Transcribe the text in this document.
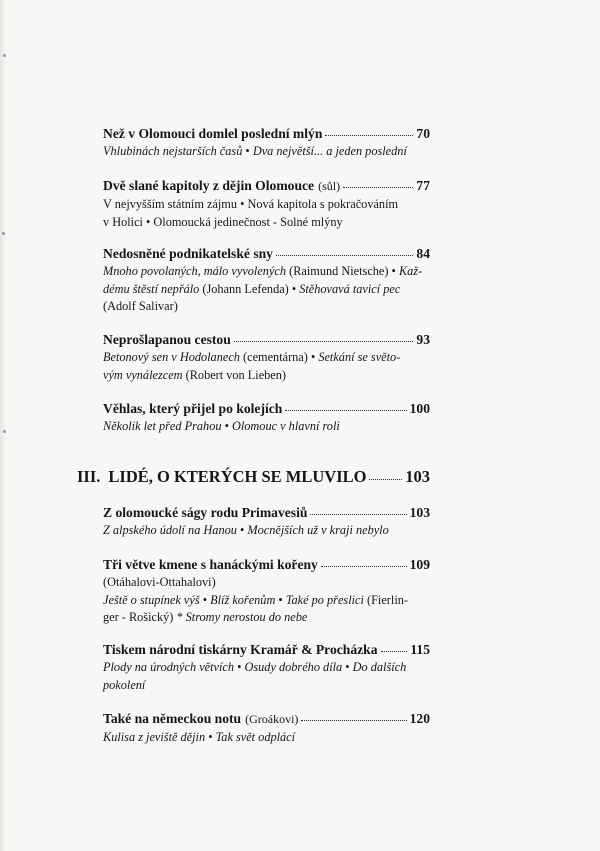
Než v Olomouci domlel poslední mlýn	70
Vhlubinách nejstarších časů • Dva největší... a jeden poslední
Dvě slané kapitoly z dějin Olomouce (sůl)	77
V nejvyšším státním zájmu • Nová kapitola s pokračováním
v Holici • Olomoucká jedinečnost - Solné mlýny
Nedosněné podnikatelské sny	84
Mnoho povolaných, málo vyvolených (Raimund Nietsche) • Kaž-
dému štěstí nepřálo (Johann Lefenda) • Stěhovavá tavicí pec
(Adolf Salivar)
Neprošlapanou cestou	93
Betonový sen v Hodolanech (cementárna) • Setkání se světo-
vým vynálezcem (Robert von Lieben)
Věhlas, který přijel po kolejích	100
Několik let před Prahou • Olomouc v hlavní roli
III. LIDÉ, O KTERÝCH SE MLUVILO 103
Z olomoucké ságy rodu Primavesiů	103
Z alpského údolí na Hanou • Mocnějších už v kraji nebylo
Tři větve kmene s hanáckými kořeny	109
(Otáhalovi-Ottahalovi)
Ještě o stupínek výš • Blíž kořenům • Také po přeslici (Fierlin-
ger - Rošický) * Stromy nerostou do nebe
Tiskem národní tiskárny Kramář & Procházka 115
Plody na úrodných větvích • Osudy dobrého díla • Do dalších
pokolení
Také na německou notu (Groákovi)	120
Kulisa z jeviště dějin • Tak svět odplácí
